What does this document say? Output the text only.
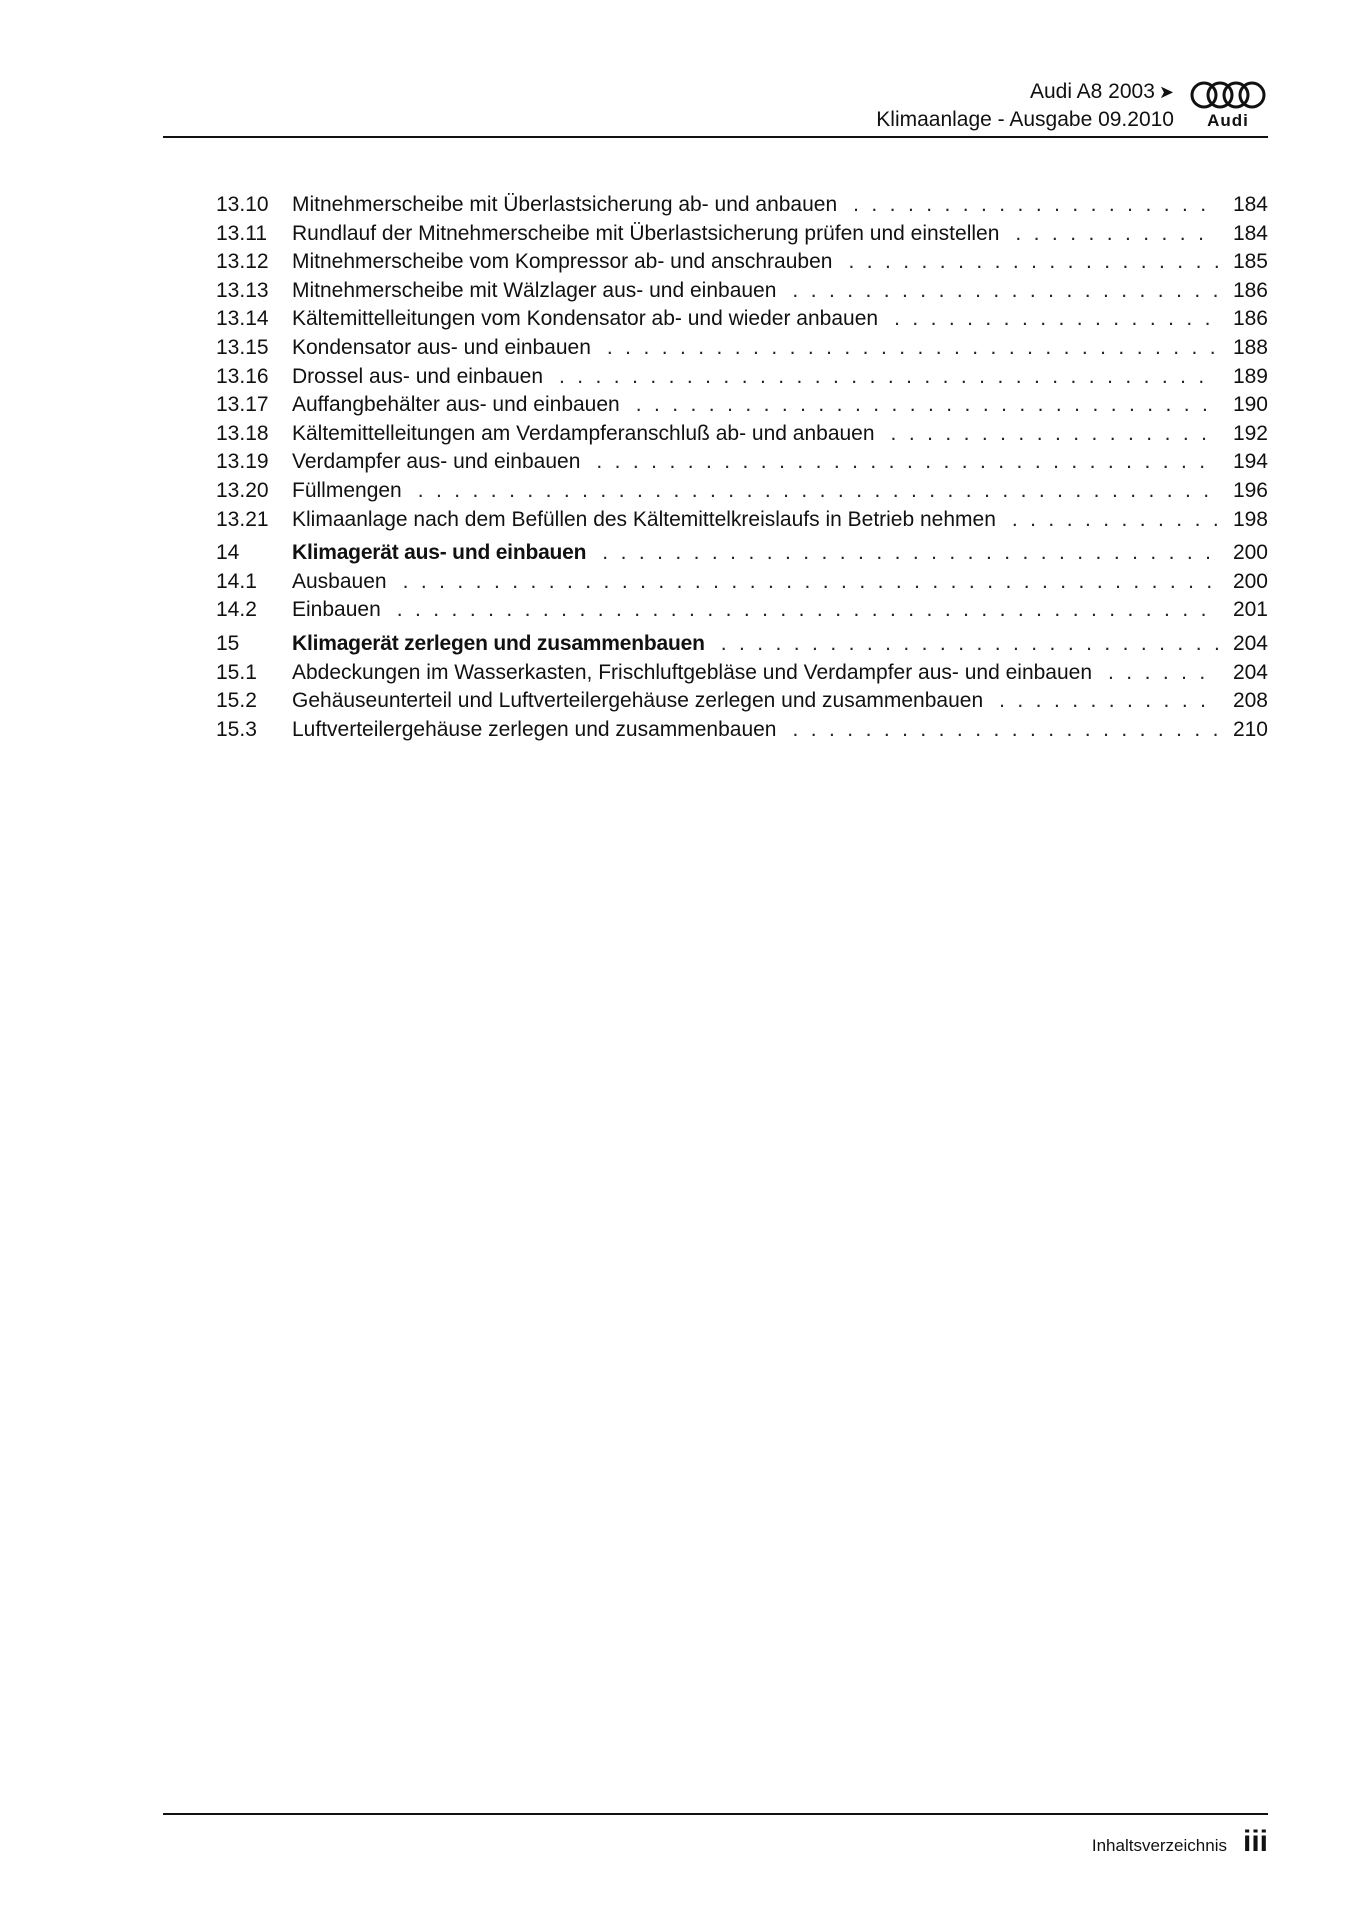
Audi A8 2003 ➤
Klimaanlage - Ausgabe 09.2010	Audi
13.10	Mitnehmerscheibe mit Überlastsicherung ab- und anbauen . . .	184
13.11	Rundlauf der Mitnehmerscheibe mit Überlastsicherung prüfen und einstellen . . .	184
13.12	Mitnehmerscheibe vom Kompressor ab- und anschrauben . . .	185
13.13	Mitnehmerscheibe mit Wälzlager aus- und einbauen . . .	186
13.14	Kältemittelleitungen vom Kondensator ab- und wieder anbauen . . .	186
13.15	Kondensator aus- und einbauen . . .	188
13.16	Drossel aus- und einbauen . . .	189
13.17	Auffangbehälter aus- und einbauen . . .	190
13.18	Kältemittelleitungen am Verdampferanschluß ab- und anbauen . . .	192
13.19	Verdampfer aus- und einbauen . . .	194
13.20	Füllmengen . . .	196
13.21	Klimaanlage nach dem Befüllen des Kältemittelkreislaufs in Betrieb nehmen . . .	198
14	Klimagerät aus- und einbauen . . .	200
14.1	Ausbauen . . .	200
14.2	Einbauen . . .	201
15	Klimagerät zerlegen und zusammenbauen . . .	204
15.1	Abdeckungen im Wasserkasten, Frischluftgebläse und Verdampfer aus- und einbauen . . .	204
15.2	Gehäuseunterteil und Luftverteilergehäuse zerlegen und zusammenbauen . . .	208
15.3	Luftverteilergehäuse zerlegen und zusammenbauen . . .	210
Inhaltsverzeichnis iii
